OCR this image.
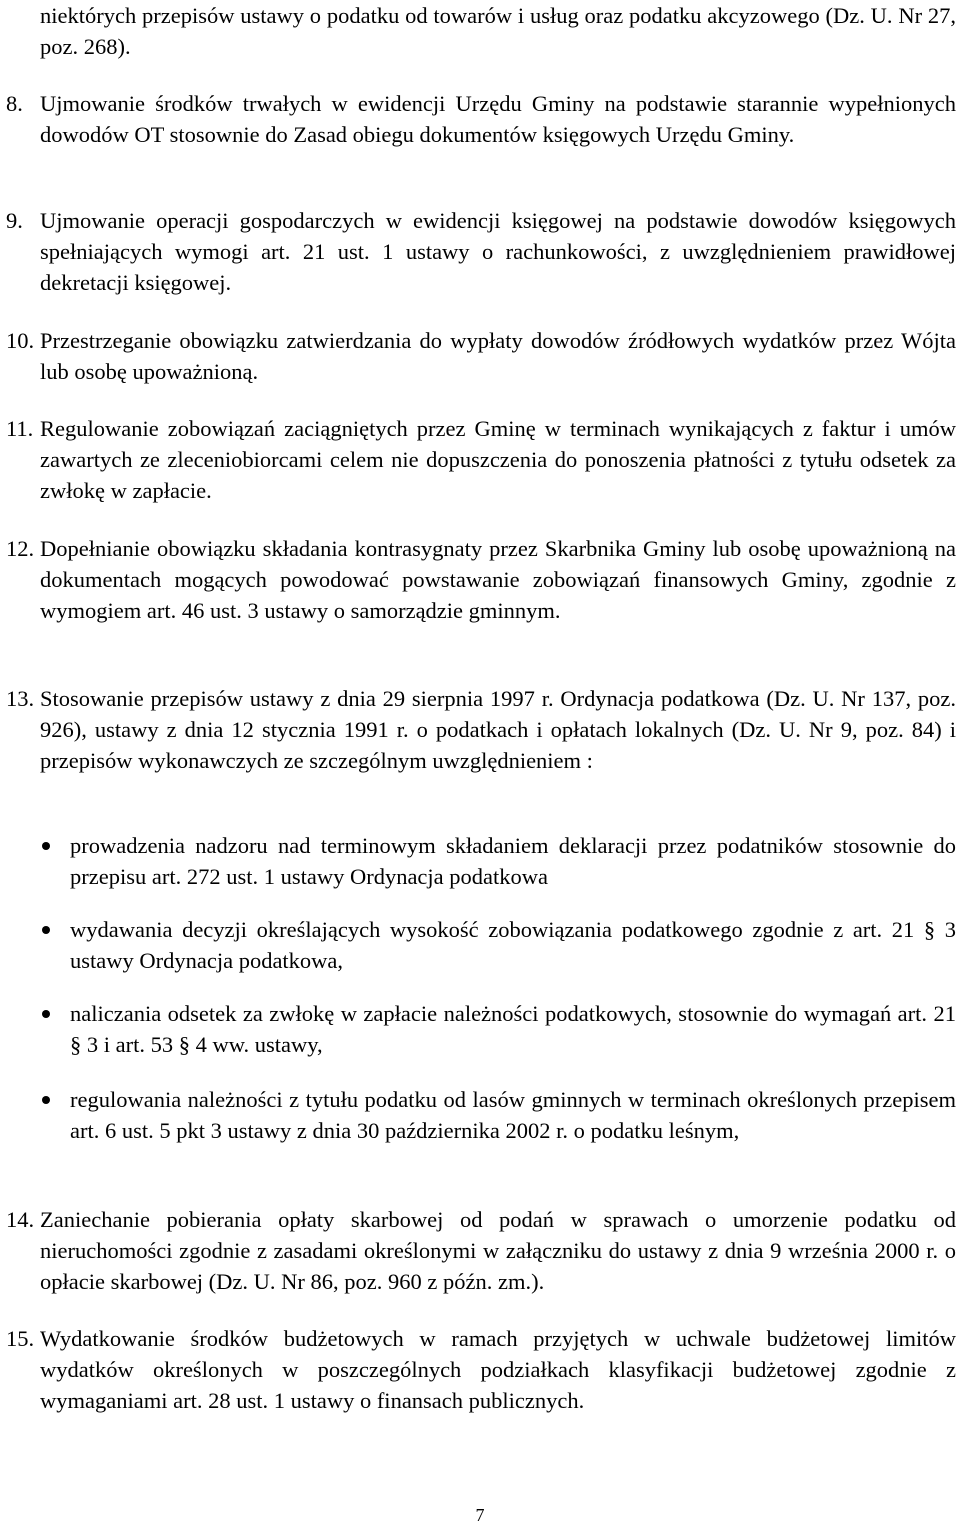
niektórych przepisów ustawy o podatku od towarów i usług oraz podatku akcyzowego (Dz. U. Nr 27, poz. 268).
8. Ujmowanie środków trwałych w ewidencji Urzędu Gminy na podstawie starannie wypełnionych dowodów OT stosownie do Zasad obiegu dokumentów księgowych Urzędu Gminy.
9. Ujmowanie operacji gospodarczych w ewidencji księgowej na podstawie dowodów księgowych spełniających wymogi art. 21 ust. 1 ustawy o rachunkowości, z uwzględnieniem prawidłowej dekretacji księgowej.
10. Przestrzeganie obowiązku zatwierdzania do wypłaty dowodów źródłowych wydatków przez Wójta lub osobę upoważnioną.
11. Regulowanie zobowiązań zaciągniętych przez Gminę w terminach wynikających z faktur i umów zawartych ze zleceniobiorcami celem nie dopuszczenia do ponoszenia płatności z tytułu odsetek za zwłokę w zapłacie.
12. Dopełnianie obowiązku składania kontrasygnaty przez Skarbnika Gminy lub osobę upoważnioną na dokumentach mogących powodować powstawanie zobowiązań finansowych Gminy, zgodnie z wymogiem art. 46 ust. 3 ustawy o samorządzie gminnym.
13. Stosowanie przepisów ustawy z dnia 29 sierpnia 1997 r. Ordynacja podatkowa (Dz. U. Nr 137, poz. 926), ustawy z dnia 12 stycznia 1991 r. o podatkach i opłatach lokalnych (Dz. U. Nr 9, poz. 84) i przepisów wykonawczych ze szczególnym uwzględnieniem :
prowadzenia nadzoru nad terminowym składaniem deklaracji przez podatników stosownie do przepisu art. 272 ust. 1 ustawy Ordynacja podatkowa
wydawania decyzji określających wysokość zobowiązania podatkowego zgodnie z art. 21 § 3 ustawy Ordynacja podatkowa,
naliczania odsetek za zwłokę w zapłacie należności podatkowych, stosownie do wymagań art. 21 § 3 i art. 53 § 4 ww. ustawy,
regulowania należności z tytułu podatku od lasów gminnych w terminach określonych przepisem art. 6 ust. 5 pkt 3 ustawy z dnia 30 października 2002 r. o podatku leśnym,
14. Zaniechanie pobierania opłaty skarbowej od podań w sprawach o umorzenie podatku od nieruchomości zgodnie z zasadami określonymi w załączniku do ustawy z dnia 9 września 2000 r. o opłacie skarbowej (Dz. U. Nr 86, poz. 960 z późn. zm.).
15. Wydatkowanie środków budżetowych w ramach przyjętych w uchwale budżetowej limitów wydatków określonych w poszczególnych podziałkach klasyfikacji budżetowej zgodnie z wymaganiami art. 28 ust. 1 ustawy o finansach publicznych.
7
